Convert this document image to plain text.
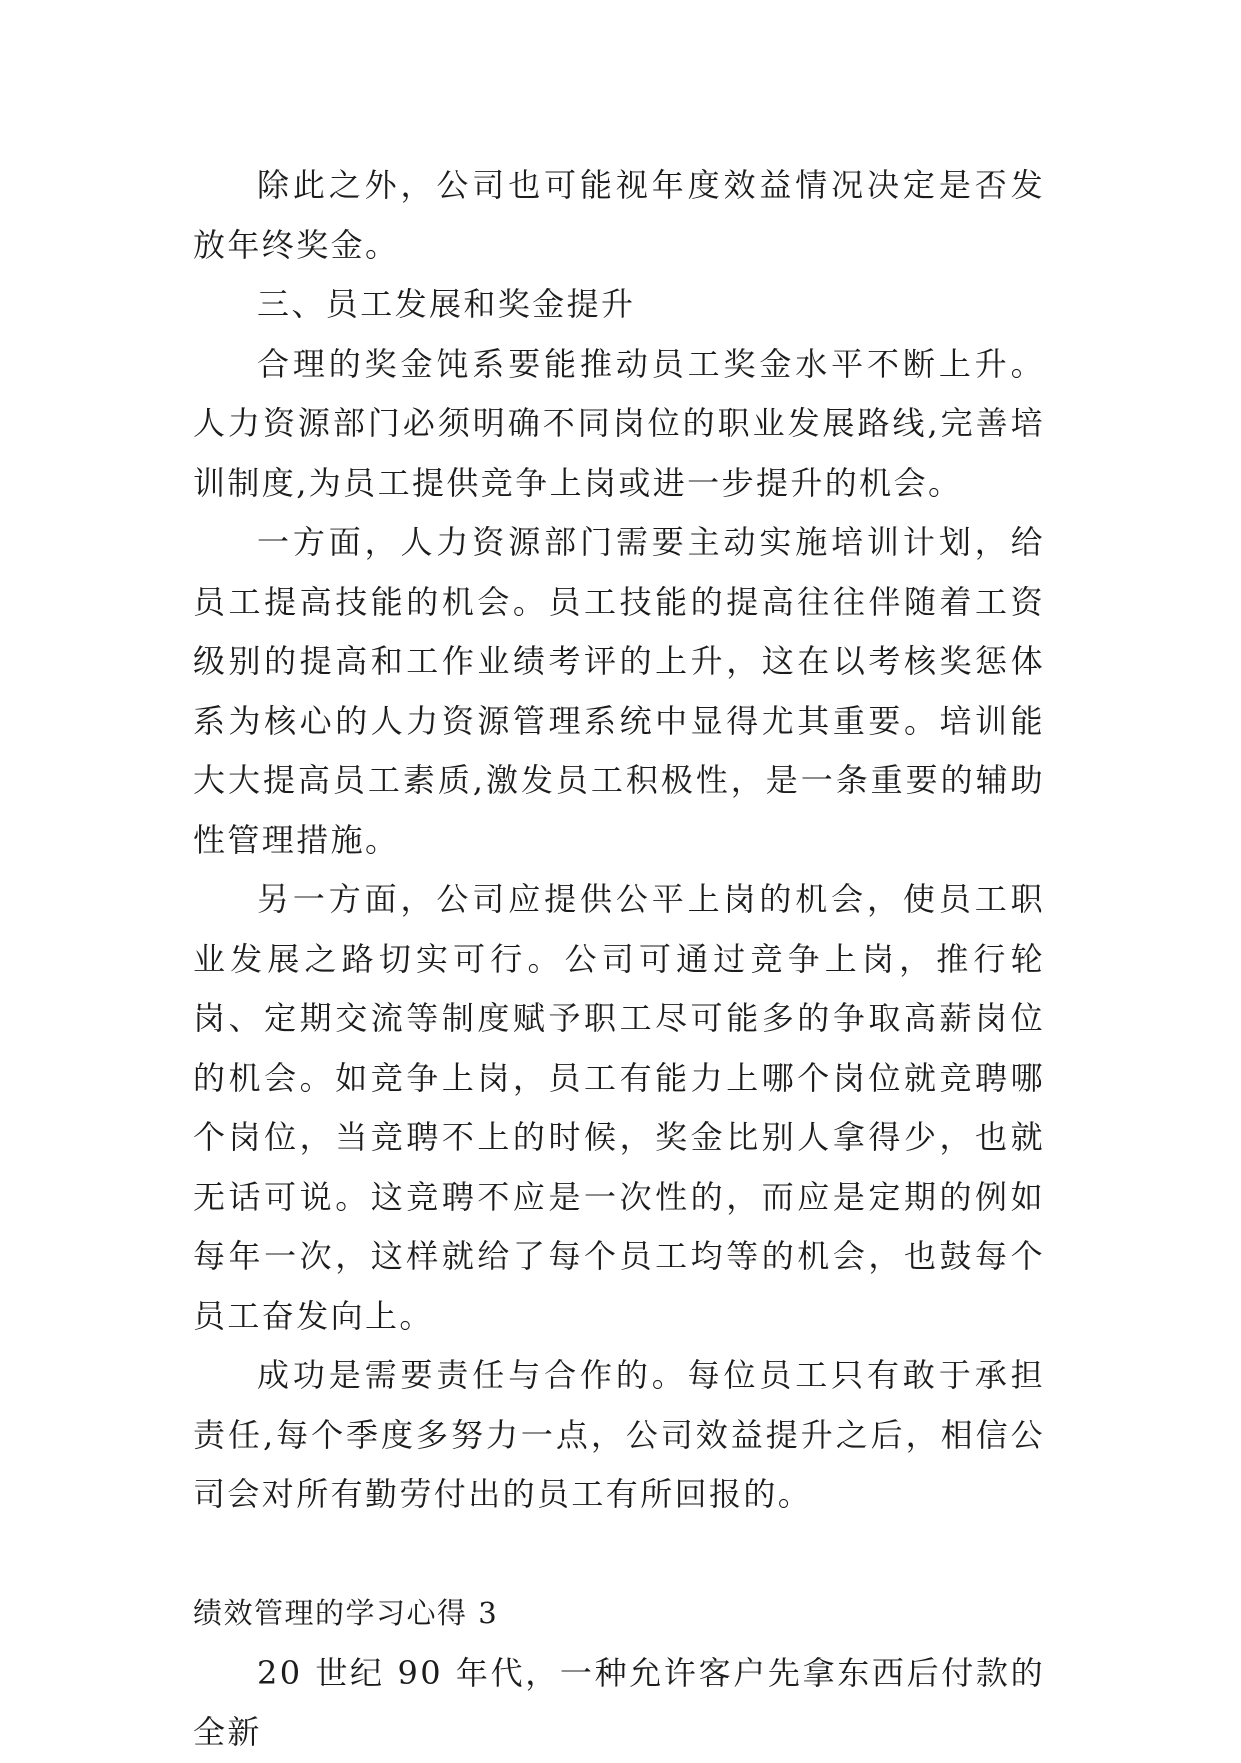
除此之外，公司也可能视年度效益情况决定是否发放年终奖金。

三、员工发展和奖金提升

合理的奖金饨系要能推动员工奖金水平不断上升。人力资源部门必须明确不同岗位的职业发展路线,完善培训制度,为员工提供竞争上岗或进一步提升的机会。

一方面，人力资源部门需要主动实施培训计划，给员工提高技能的机会。员工技能的提高往往伴随着工资级别的提高和工作业绩考评的上升，这在以考核奖惩体系为核心的人力资源管理系统中显得尤其重要。培训能大大提高员工素质,激发员工积极性，是一条重要的辅助性管理措施。

另一方面，公司应提供公平上岗的机会，使员工职业发展之路切实可行。公司可通过竞争上岗，推行轮岗、定期交流等制度赋予职工尽可能多的争取高薪岗位的机会。如竞争上岗，员工有能力上哪个岗位就竞聘哪个岗位，当竞聘不上的时候，奖金比别人拿得少，也就无话可说。这竞聘不应是一次性的，而应是定期的例如每年一次，这样就给了每个员工均等的机会，也鼓每个员工奋发向上。

成功是需要责任与合作的。每位员工只有敢于承担责任,每个季度多努力一点，公司效益提升之后，相信公司会对所有勤劳付出的员工有所回报的。

绩效管理的学习心得 3

20 世纪 90 年代，一种允许客户先拿东西后付款的全新
